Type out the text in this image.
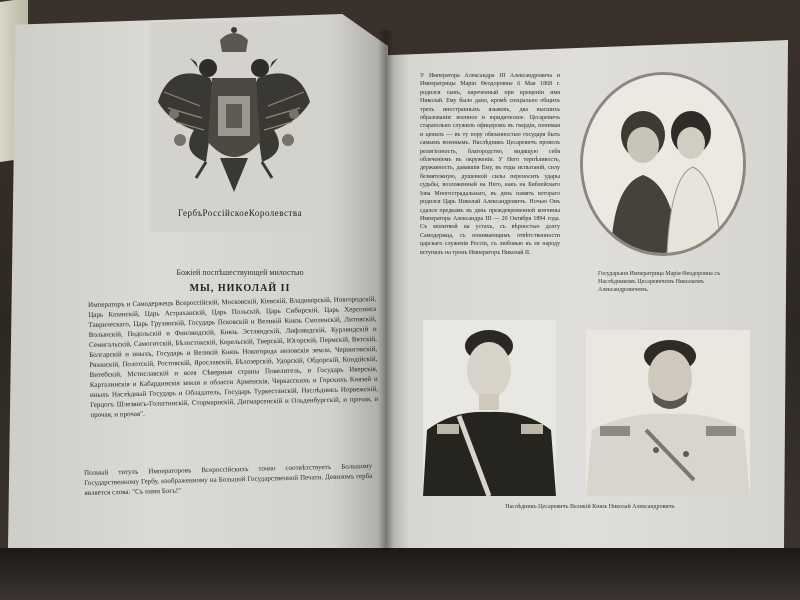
ГербъРоссійскоеКоролевства
Божіей поспѣшествующей милостью
МЫ, НИКОЛАЙ II
Императоръ и Самодержецъ Всероссійскій, Московскій, Кіевскій, Владимірскій, Новгородскій, Царь Казанскій, Царь Астраханскій, Царь Польскій, Царь Сибирскій, Царь Херсониса Таврическаго, Царь Грузинскій, Государь Псковскій и Великій Князь Смоленскій, Литовскій, Волынскій, Подольскій и Финляндскій, Князь Эстляндскій, Лифляндскій, Курляндскій и Семигальскій, Самогитскій, Бѣлостокскій, Корельскій, Тверскій, Югорскій, Пермскій, Вятскій, Болгарскій и иныхъ, Государь и Великій Князь Новагорода низовскія земли, Черниговскій, Рязанскій, Полотскій, Ростовскій, Ярославскій, Бѣлозерскій, Удорскій, Обдорскій, Кондійскій, Витебскій, Мстиславскій и всея Сѣверныя страны Повелитель, и Государь Иверскія, Карталинскія и Кабардинскія земли и области Арменскія, Черкасскихъ и Горскихъ Князей и иныхъ Наслѣдный Государь и Обладатель, Государь Туркестанскій, Наслѣдникъ Норвежскій, Герцогъ Шлезвигъ-Голштинскій, Стормарнскій, Дитмарсенскій и Ольденбургскій, и прочая, и прочая, и прочая".
Полный титулъ Императоровъ Всероссійскихъ точно соотвѣтствуетъ Большому Государственному Гербу, изображенному на Большой Государственной Печати. Девизомъ герба является слова: "Съ нами Богъ!"
У Императора Александра III Александровича и Императрицы Маріи Ѳеодоровны 6 Мая 1868 г. родился сынъ, нареченный при крещеніи имя Николай. Ему было дано, кромѣ спеціально общихъ трехъ иностранныхъ языковъ, два высшихъ образованія: военное и юридическое. Цесаревичъ старательно служилъ офицеромъ въ гвардіи, понимая и ценилъ — въ ту пору обязанностью государя быть самымъ военнымъ. Наслѣдникъ Цесаревичъ провелъ религіозность, благородство, видящую себя облеченіемъ въ окруженіи. У Него терпѣливость, державность, дававшія Ему, въ годы испытаній, силу безмятежную, душевной силы переносить удары судьбы, возложенный на Него, какъ на Библейскаго Іова Многострадальнаго, въ день память котораго родился Царь Николай Александровичъ. Ночью Онъ сдался предкамъ въ день преждевременной кончины Императора Александра III — 20 Октября 1894 года. Съ молитвой на устахъ, съ вѣрностью долгу Самодержца, съ понимающимъ отвѣтственности царскаго служенія Россіи, съ любовью къ ея народу вступилъ на тронъ Императоръ Николай II.
Государыня Императрица Марія Ѳеодоровна съ Наслѣдникомъ Цесаревичемъ Николаемъ Александровичемъ.
Наслѣдникъ Цесаревичъ Великій Князь Николай Александровичъ
